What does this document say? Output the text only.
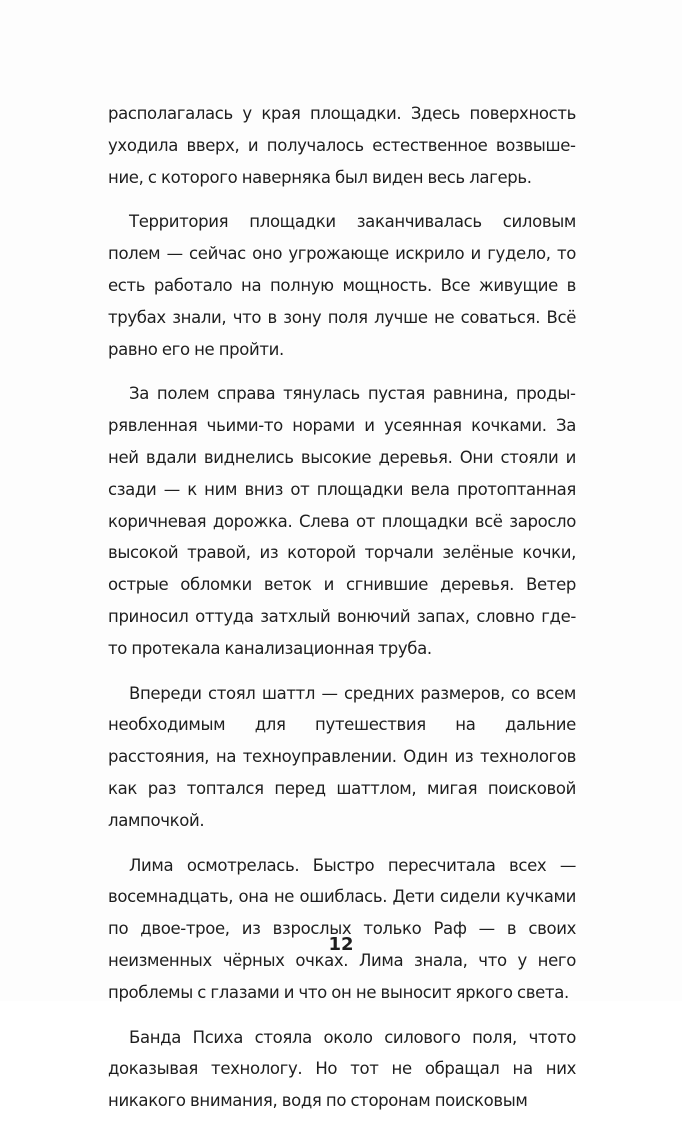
располагалась у края площадки. Здесь поверхность уходила вверх, и получалось естественное возвышение, с которого наверняка был виден весь лагерь.

Территория площадки заканчивалась силовым полем — сейчас оно угрожающе искрило и гудело, то есть работало на полную мощность. Все живущие в трубах знали, что в зону поля лучше не соваться. Всё равно его не пройти.

За полем справа тянулась пустая равнина, продырявленная чьими-то норами и усеянная кочками. За ней вдали виднелись высокие деревья. Они стояли и сзади — к ним вниз от площадки вела протоптанная коричневая дорожка. Слева от площадки всё заросло высокой травой, из которой торчали зелёные кочки, острые обломки веток и сгнившие деревья. Ветер приносил оттуда затхлый вонючий запах, словно где-то протекала канализационная труба.

Впереди стоял шаттл — средних размеров, со всем необходимым для путешествия на дальние расстояния, на техноуправлении. Один из технологов как раз топтался перед шаттлом, мигая поисковой лампочкой.

Лима осмотрелась. Быстро пересчитала всех — восемнадцать, она не ошиблась. Дети сидели кучками по двое-трое, из взрослых только Раф — в своих неизменных чёрных очках. Лима знала, что у него проблемы с глазами и что он не выносит яркого света.

Банда Психа стояла около силового поля, чтото доказывая технологу. Но тот не обращал на них никакого внимания, водя по сторонам поисковым

12
